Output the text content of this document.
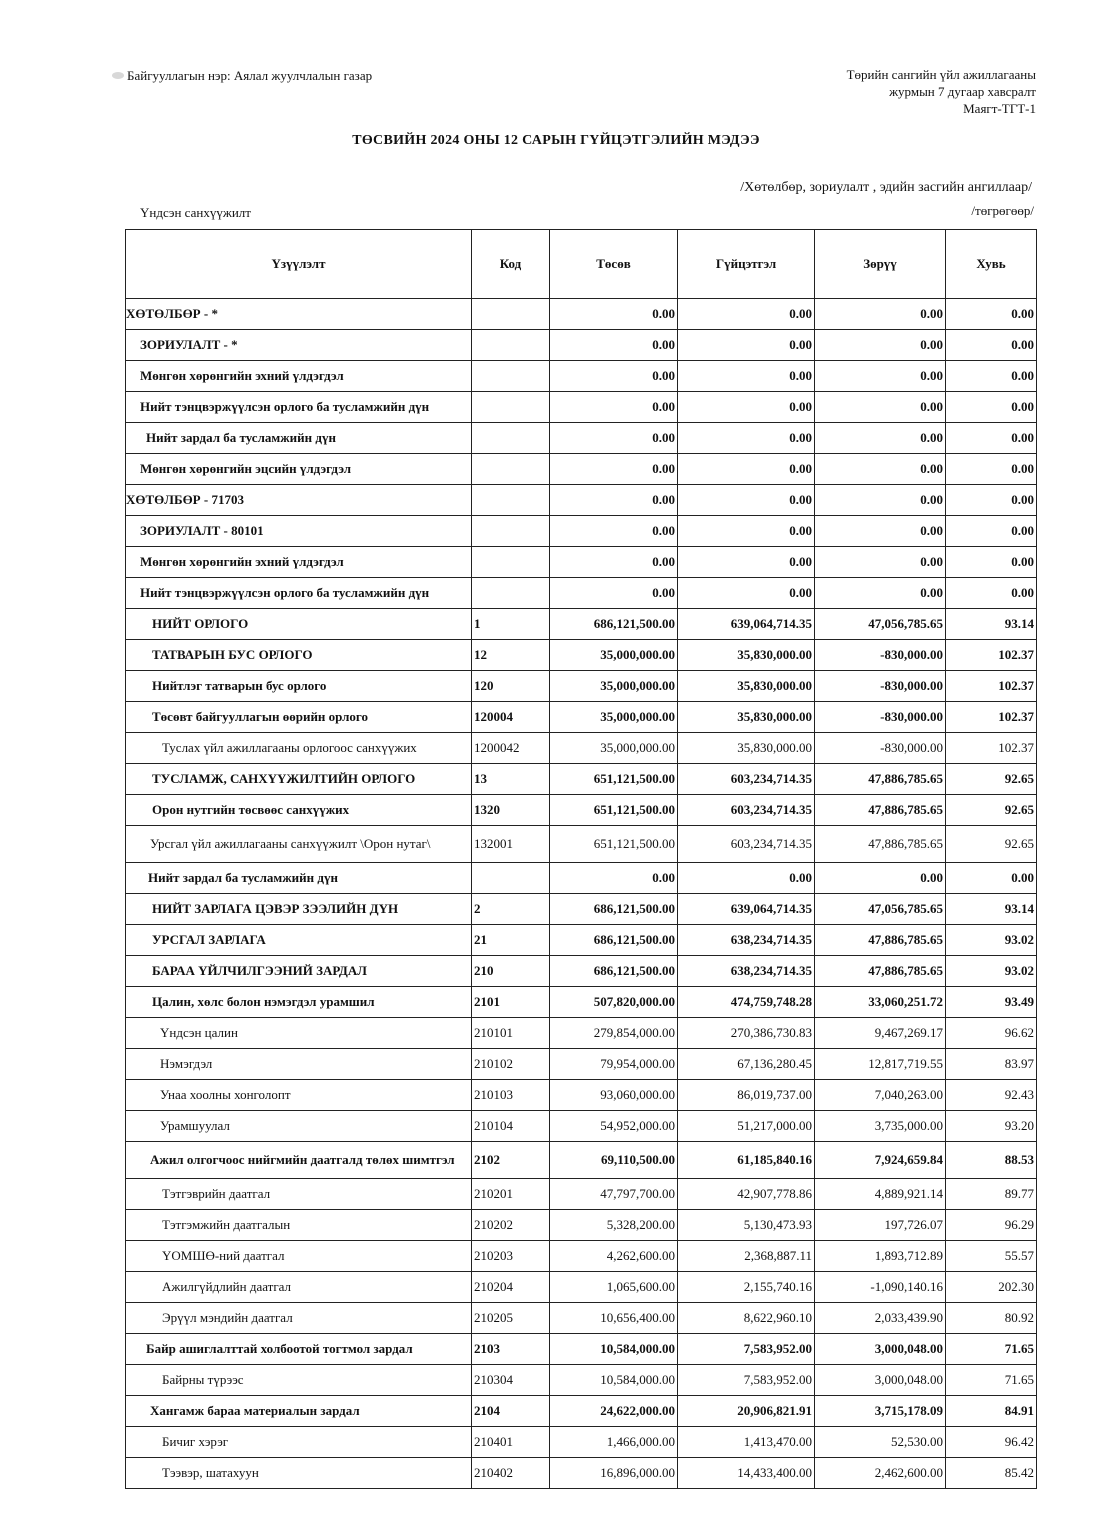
Байгууллагын нэр: Аялал жуулчлалын газар	Төрийн сангийн үйл ажиллагааны
журмын 7 дугаар хавсралт
Маягт-ТГТ-1
ТӨСВИЙН 2024 ОНЫ 12 САРЫН ГҮЙЦЭТГЭЛИЙН МЭДЭЭ
/Хөтөлбөр, зориулалт , эдийн засгийн ангиллаар/
Үндсэн санхүүжилт	/төгрөгөөр/
Үзүүлэлт	Код	Төсөв	Гүйцэтгэл	Зөрүү	Хувь
ХӨТӨЛБӨР - *		0.00	0.00	0.00	0.00
ЗОРИУЛАЛТ - *		0.00	0.00	0.00	0.00
Мөнгөн хөрөнгийн эхний үлдэгдэл		0.00	0.00	0.00	0.00
Нийт тэнцвэржүүлсэн орлого ба тусламжийн дүн		0.00	0.00	0.00	0.00
Нийт зардал ба тусламжийн дүн		0.00	0.00	0.00	0.00
Мөнгөн хөрөнгийн эцсийн үлдэгдэл		0.00	0.00	0.00	0.00
ХӨТӨЛБӨР - 71703		0.00	0.00	0.00	0.00
ЗОРИУЛАЛТ - 80101		0.00	0.00	0.00	0.00
Мөнгөн хөрөнгийн эхний үлдэгдэл		0.00	0.00	0.00	0.00
Нийт тэнцвэржүүлсэн орлого ба тусламжийн дүн		0.00	0.00	0.00	0.00
НИЙТ ОРЛОГО	1	686,121,500.00	639,064,714.35	47,056,785.65	93.14
ТАТВАРЫН БУС ОРЛОГО	12	35,000,000.00	35,830,000.00	-830,000.00	102.37
Нийтлэг татварын бус орлого	120	35,000,000.00	35,830,000.00	-830,000.00	102.37
Төсөвт байгууллагын өөрийн орлого	120004	35,000,000.00	35,830,000.00	-830,000.00	102.37
Туслах үйл ажиллагааны орлогоос санхүүжих	1200042	35,000,000.00	35,830,000.00	-830,000.00	102.37
ТУСЛАМЖ, САНХҮҮЖИЛТИЙН ОРЛОГО	13	651,121,500.00	603,234,714.35	47,886,785.65	92.65
Орон нутгийн төсвөөс санхүүжих	1320	651,121,500.00	603,234,714.35	47,886,785.65	92.65
Урсгал үйл ажиллагааны санхүүжилт \Орон нутаг\	132001	651,121,500.00	603,234,714.35	47,886,785.65	92.65
Нийт зардал ба тусламжийн дүн		0.00	0.00	0.00	0.00
НИЙТ ЗАРЛАГА ЦЭВЭР ЗЭЭЛИЙН ДҮН	2	686,121,500.00	639,064,714.35	47,056,785.65	93.14
УРСГАЛ ЗАРЛАГА	21	686,121,500.00	638,234,714.35	47,886,785.65	93.02
БАРАА ҮЙЛЧИЛГЭЭНИЙ ЗАРДАЛ	210	686,121,500.00	638,234,714.35	47,886,785.65	93.02
Цалин, хөлс болон нэмэгдэл урамшил	2101	507,820,000.00	474,759,748.28	33,060,251.72	93.49
Үндсэн цалин	210101	279,854,000.00	270,386,730.83	9,467,269.17	96.62
Нэмэгдэл	210102	79,954,000.00	67,136,280.45	12,817,719.55	83.97
Унаа хоолны хонголопт	210103	93,060,000.00	86,019,737.00	7,040,263.00	92.43
Урамшуулал	210104	54,952,000.00	51,217,000.00	3,735,000.00	93.20
Ажил олгогчоос нийгмийн даатгалд төлөх шимтгэл	2102	69,110,500.00	61,185,840.16	7,924,659.84	88.53
Тэтгэврийн даатгал	210201	47,797,700.00	42,907,778.86	4,889,921.14	89.77
Тэтгэмжийн даатгалын	210202	5,328,200.00	5,130,473.93	197,726.07	96.29
ҮОМШӨ-ний даатгал	210203	4,262,600.00	2,368,887.11	1,893,712.89	55.57
Ажилгүйдлийн даатгал	210204	1,065,600.00	2,155,740.16	-1,090,140.16	202.30
Эрүүл мэндийн даатгал	210205	10,656,400.00	8,622,960.10	2,033,439.90	80.92
Байр ашиглалттай холбоотой тогтмол зардал	2103	10,584,000.00	7,583,952.00	3,000,048.00	71.65
Байрны түрээс	210304	10,584,000.00	7,583,952.00	3,000,048.00	71.65
Хангамж бараа материалын зардал	2104	24,622,000.00	20,906,821.91	3,715,178.09	84.91
Бичиг хэрэг	210401	1,466,000.00	1,413,470.00	52,530.00	96.42
Тээвэр, шатахуун	210402	16,896,000.00	14,433,400.00	2,462,600.00	85.42
